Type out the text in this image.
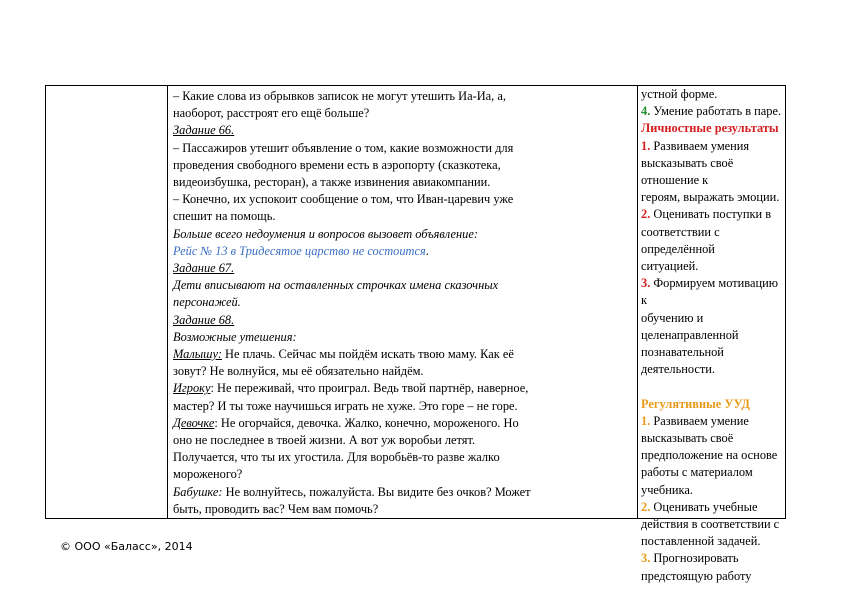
– Какие слова из обрывков записок не могут утешить Иа-Иа, а,

наоборот, расстроят его ещё больше?

Задание 66.

– Пассажиров утешит объявление о том, какие возможности для

проведения свободного времени есть в аэропорту (сказкотека,

видеоизбушка, ресторан), а также извинения авиакомпании.

– Конечно, их успокоит сообщение о том, что Иван-царевич уже

спешит на помощь.

Больше всего недоумения и вопросов вызовет объявление:

Рейс № 13 в Тридесятое царство не состоится.

Задание 67.

Дети вписывают на оставленных строчках имена сказочных

персонажей.

Задание 68.

Возможные утешения:

Малышу: Не плачь. Сейчас мы пойдём искать твою маму. Как её

зовут? Не волнуйся, мы её обязательно найдём.

Игроку: Не переживай, что проиграл. Ведь твой партнёр, наверное,

мастер? И ты тоже научишься играть не хуже. Это горе – не горе.

Девочке: Не огорчайся, девочка. Жалко, конечно, мороженого. Но

оно не последнее в твоей жизни. А вот уж воробьи летят.

Получается, что ты их угостила. Для воробьёв-то разве жалко

мороженого?

Бабушке: Не волнуйтесь, пожалуйста. Вы видите без очков? Может

быть, проводить вас? Чем вам помочь?

устной форме.

4. Умение работать в паре.

Личностные результаты

1. Развиваем умения

высказывать своё отношение к

героям, выражать эмоции.

2. Оценивать поступки в

соответствии с определённой

ситуацией.

3. Формируем мотивацию к

обучению и

целенаправленной

познавательной деятельности.

Регулятивные УУД

1. Развиваем умение

высказывать своё

предположение на основе

работы с материалом

учебника.

2. Оценивать учебные

действия в соответствии с

поставленной задачей.

3. Прогнозировать

предстоящую работу

© ООО «Баласс», 2014
